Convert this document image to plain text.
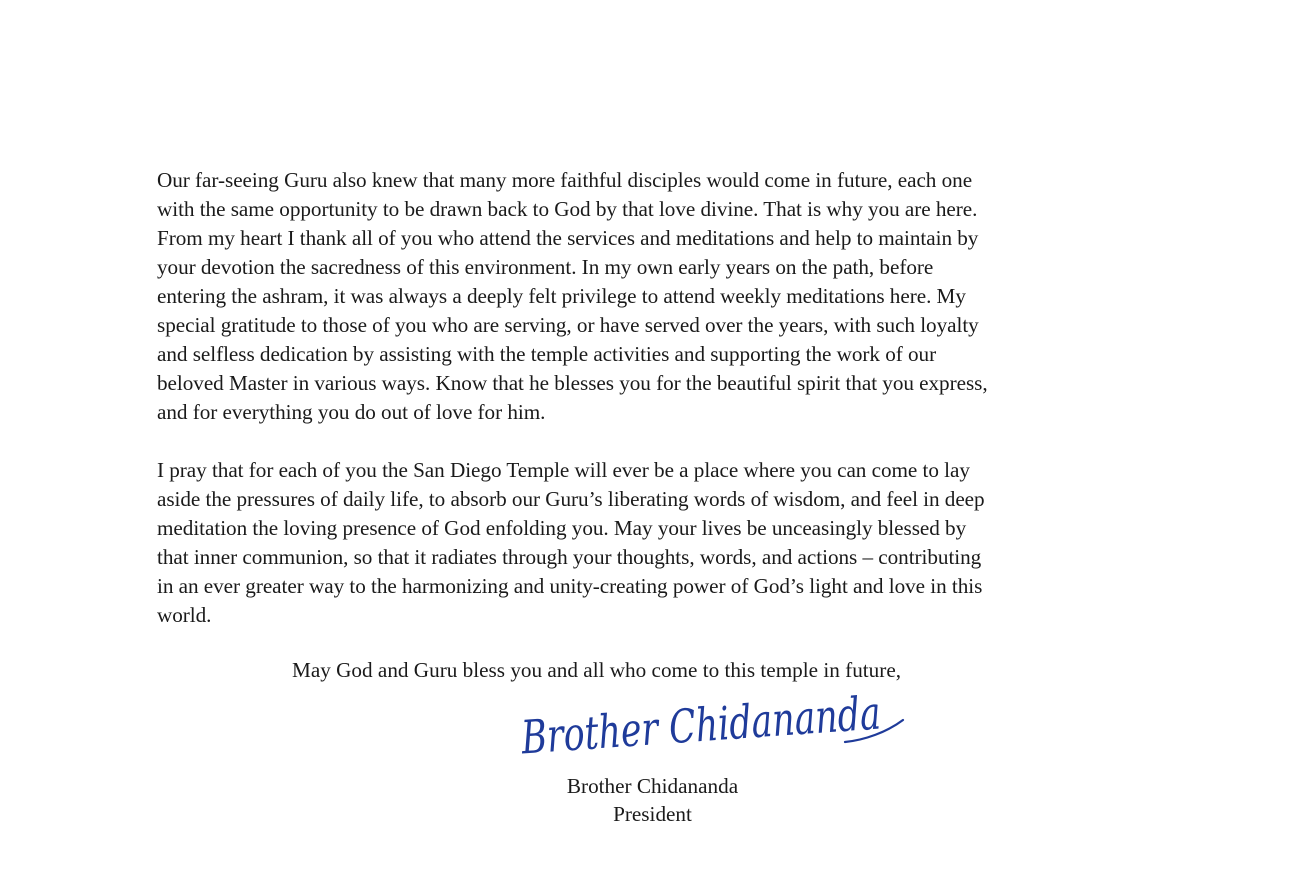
Our far-seeing Guru also knew that many more faithful disciples would come in future, each one
with the same opportunity to be drawn back to God by that love divine. That is why you are here.
From my heart I thank all of you who attend the services and meditations and help to maintain by
your devotion the sacredness of this environment. In my own early years on the path, before
entering the ashram, it was always a deeply felt privilege to attend weekly meditations here. My
special gratitude to those of you who are serving, or have served over the years, with such loyalty
and selfless dedication by assisting with the temple activities and supporting the work of our
beloved Master in various ways. Know that he blesses you for the beautiful spirit that you express,
and for everything you do out of love for him.

I pray that for each of you the San Diego Temple will ever be a place where you can come to lay
aside the pressures of daily life, to absorb our Guru’s liberating words of wisdom, and feel in deep
meditation the loving presence of God enfolding you. May your lives be unceasingly blessed by
that inner communion, so that it radiates through your thoughts, words, and actions – contributing
in an ever greater way to the harmonizing and unity-creating power of God’s light and love in this
world.

May God and Guru bless you and all who come to this temple in future,
Brother Chidananda
Brother Chidananda
President
